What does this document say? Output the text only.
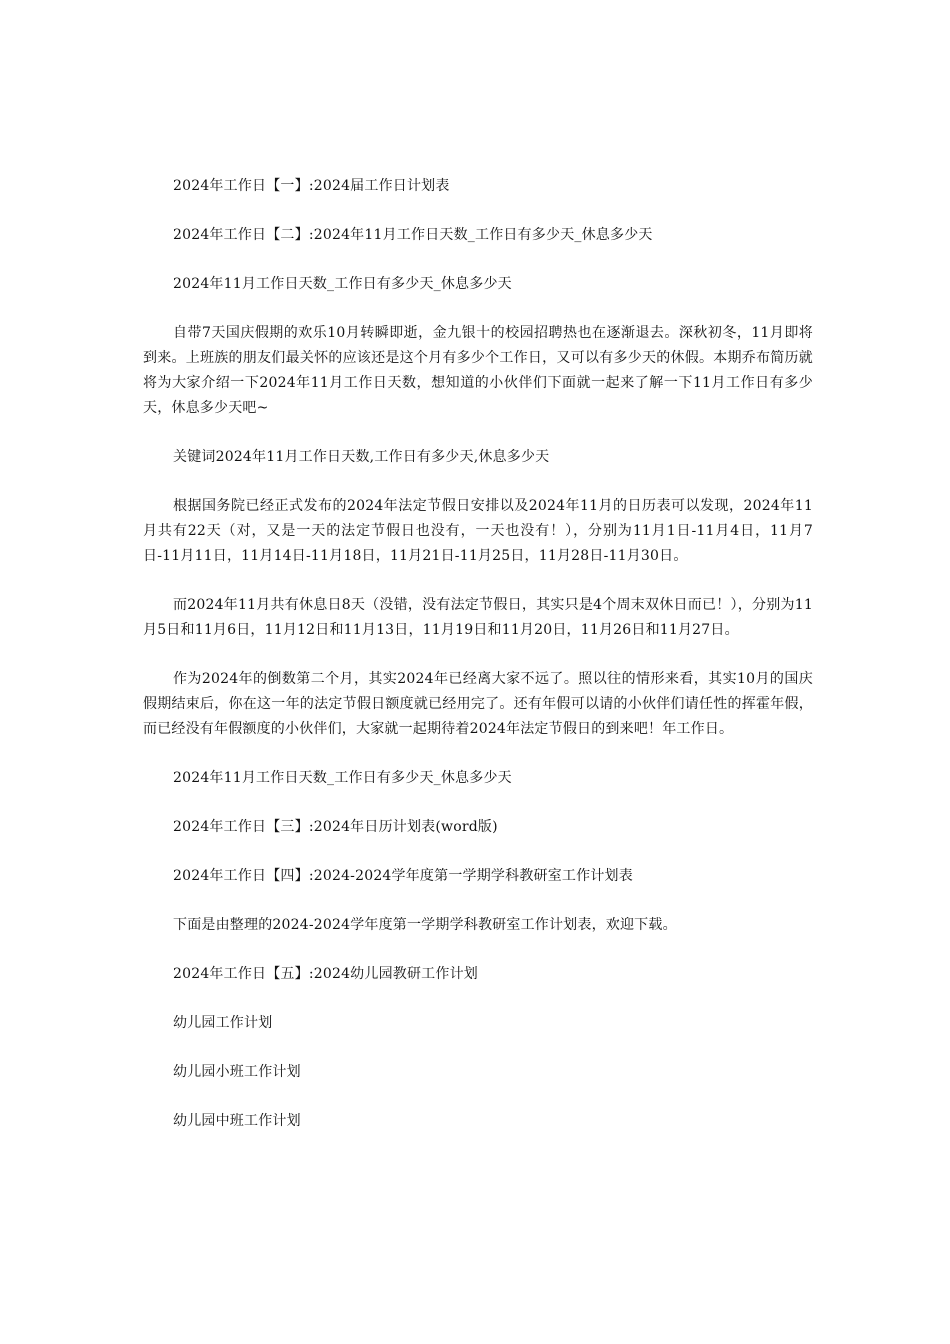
2024年工作日【一】:2024届工作日计划表

2024年工作日【二】:2024年11月工作日天数_工作日有多少天_休息多少天

2024年11月工作日天数_工作日有多少天_休息多少天

自带7天国庆假期的欢乐10月转瞬即逝，金九银十的校园招聘热也在逐渐退去。深秋初冬，11月即将到来。上班族的朋友们最关怀的应该还是这个月有多少个工作日，又可以有多少天的休假。本期乔布简历就将为大家介绍一下2024年11月工作日天数，想知道的小伙伴们下面就一起来了解一下11月工作日有多少天，休息多少天吧~

关键词2024年11月工作日天数,工作日有多少天,休息多少天

根据国务院已经正式发布的2024年法定节假日安排以及2024年11月的日历表可以发现，2024年11月共有22天（对，又是一天的法定节假日也没有，一天也没有！），分别为11月1日-11月4日，11月7日-11月11日，11月14日-11月18日，11月21日-11月25日，11月28日-11月30日。

而2024年11月共有休息日8天（没错，没有法定节假日，其实只是4个周末双休日而已！），分别为11月5日和11月6日，11月12日和11月13日，11月19日和11月20日，11月26日和11月27日。

作为2024年的倒数第二个月，其实2024年已经离大家不远了。照以往的情形来看，其实10月的国庆假期结束后，你在这一年的法定节假日额度就已经用完了。还有年假可以请的小伙伴们请任性的挥霍年假，而已经没有年假额度的小伙伴们，大家就一起期待着2024年法定节假日的到来吧！年工作日。

2024年11月工作日天数_工作日有多少天_休息多少天

2024年工作日【三】:2024年日历计划表(word版)

2024年工作日【四】:2024-2024学年度第一学期学科教研室工作计划表

下面是由整理的2024-2024学年度第一学期学科教研室工作计划表，欢迎下载。

2024年工作日【五】:2024幼儿园教研工作计划

幼儿园工作计划

幼儿园小班工作计划

幼儿园中班工作计划
